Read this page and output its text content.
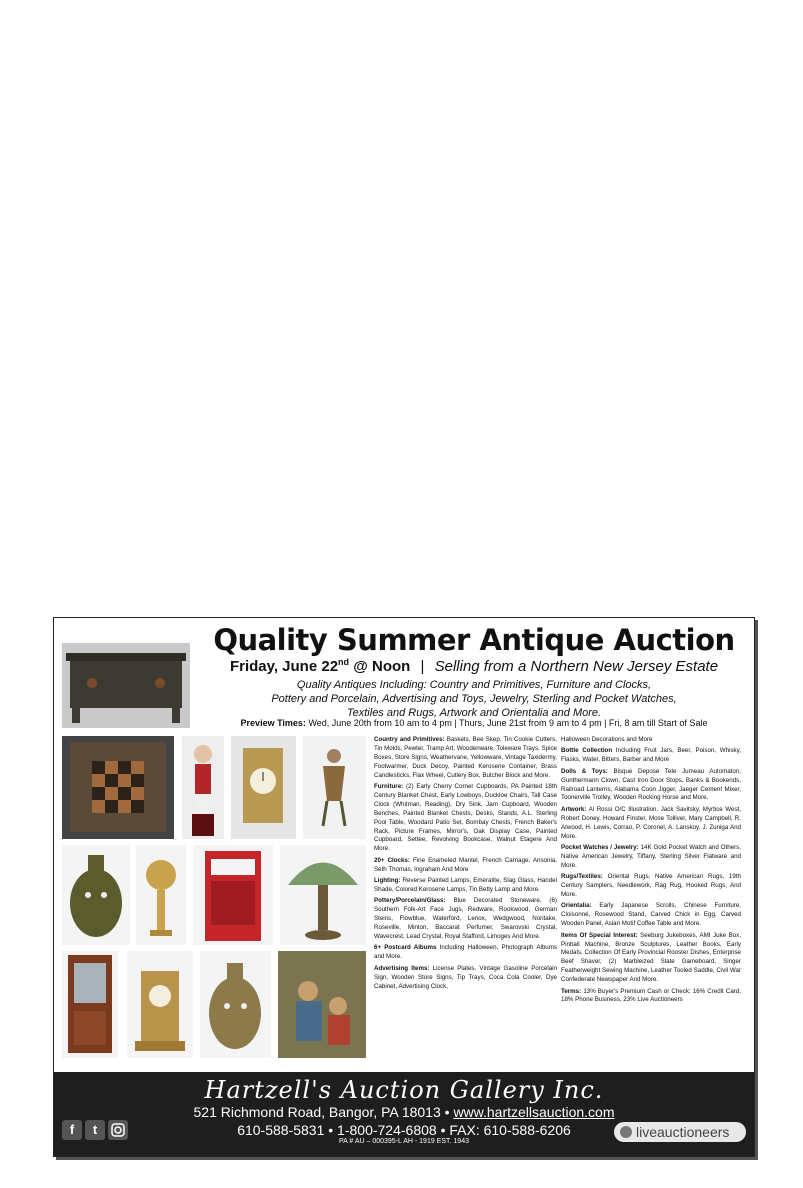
Quality Summer Antique Auction
Friday, June 22nd @ Noon | Selling from a Northern New Jersey Estate
Quality Antiques Including: Country and Primitives, Furniture and Clocks,
Pottery and Porcelain, Advertising and Toys, Jewelry, Sterling and Pocket Watches,
Textiles and Rugs, Artwork and Orientalia and More.
Preview Times: Wed, June 20th from 10 am to 4 pm | Thurs, June 21st from 9 am to 4 pm | Fri, 8 am till Start of Sale

Country and Primitives: Baskets, Bee Skep, Tin Cookie Cutters, Tin Molds, Pewter, Tramp Art, Woodenware, Toleware Trays, Spice Boxes, Store Signs, Weathervane, Yellowware, Vintage Taxidermy, Footwarmer, Duck Decoy, Painted Kerosene Container, Brass Candlesticks, Flax Wheel, Cutlery Box, Butcher Block and More.

Furniture: (2) Early Cherry Corner Cupboards, PA Painted 18th Century Blanket Chest, Early Lowboys, Duckloe Chairs, Tall Case Clock (Whitman, Reading), Dry Sink, Jam Cupboard, Wooden Benches, Painted Blanket Chests, Desks, Stands, A.L. Sterling Pool Table, Woodard Patio Set, Bombay Chests, French Baker's Rack, Picture Frames, Mirror's, Oak Display Case, Painted Cupboard, Settee, Revolving Bookcase, Walnut Etagere And More.

20+ Clocks: Fine Enameled Mantel, French Carriage, Ansonia, Seth Thomas, Ingraham And More

Lighting: Reverse Painted Lamps, Emeralite, Slag Glass, Handel Shade, Colored Kerosene Lamps, Tin Betty Lamp and More.

Pottery/Porcelain/Glass: Blue Decorated Stoneware, (6) Southern Folk-Art Face Jugs, Redware, Rookwood, German Steins, Flowblue, Waterford, Lenox, Wedgwood, Noritake, Roseville, Minton, Baccarat Perfumer, Swarovski Crystal, Wavecrest, Lead Crystal, Royal Stafford, Limoges And More.

6+ Postcard Albums Including Halloween, Photograph Albums and More.

Advertising Items: License Plates, Vintage Gasoline Porcelain Sign, Wooden Store Signs, Tip Trays, Coca Cola Cooler, Dye Cabinet, Advertising Clock,

Halloween Decorations and More

Bottle Collection Including Fruit Jars, Beer, Poison, Whisky, Flasks, Water, Bitters, Barber and More

Dolls & Toys: Bisque Depose Tete Jumeau Automaton, Gunthermann Clown, Cast Iron Door Stops, Banks & Bookends, Railroad Lanterns, Alabama Coon Jigger, Jaeger Cement Mixer, Toonerville Trolley, Wooden Rocking Horse and More.

Artwork: Al Rossi O/C Illustration, Jack Savitsky, Myrtice West, Robert Doney, Howard Finster, Mose Tolliver, Mary Campbell, R. Atwood, H. Lewis, Corrao, P. Coronel, A. Lanskoy, J. Zuniga And More.

Pocket Watches / Jewelry: 14K Gold Pocket Watch and Others, Native American Jewelry, Tiffany, Sterling Silver Flatware and More.

Rugs/Textiles: Oriental Rugs, Native American Rugs, 19th Century Samplers, Needlework, Rag Rug, Hooked Rugs, And More.

Orientalia: Early Japanese Scrolls, Chinese Furniture, Cloisonné, Rosewood Stand, Carved Chick in Egg, Carved Wooden Panel, Asian Motif Coffee Table and More.

Items Of Special Interest: Seeburg Jukeboxes, AMI Juke Box, Pinball Machine, Bronze Sculptures, Leather Books, Early Medals, Collection Of Early Provincial Rooster Dishes, Enterprise Beef Shaver, (2) Marbleized Slate Gameboard, Singer Featherweight Sewing Machine, Leather Tooled Saddle, Civil War Confederate Newspaper And More.

Terms: 13% Buyer's Premium Cash or Check; 16% Credit Card, 18% Phone Business, 23% Live Auctioneers

Hartzell's Auction Gallery Inc.
521 Richmond Road, Bangor, PA 18013 • www.hartzellsauction.com
610-588-5831 • 1-800-724-6808 • FAX: 610-588-6206
PA # AU – 000395-L AH - 1919 EST. 1943
f	t	liveauctioneers
